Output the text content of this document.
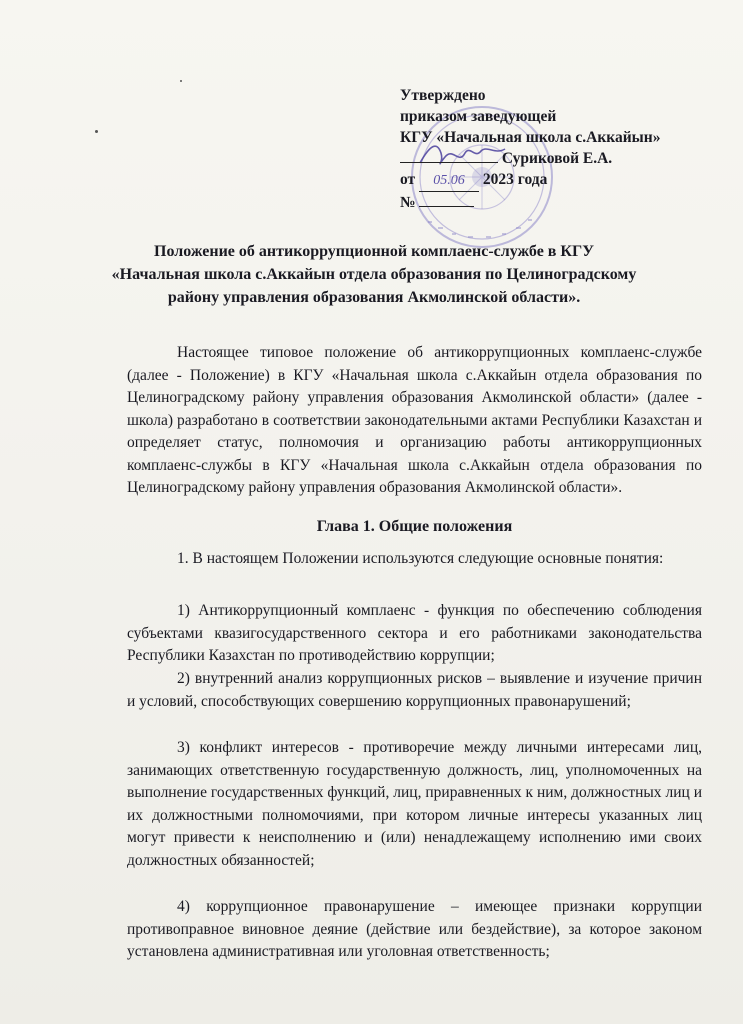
Утверждено
приказом заведующей
КГУ «Начальная школа с.Аккайын»
Суриковой Е.А.
от 05.06 2023 года
№
Положение об антикоррупционной комплаенс-службе в КГУ
«Начальная школа с.Аккайын отдела образования по Целиноградскому
району управления образования Акмолинской области».
Настоящее типовое положение об антикоррупционных комплаенс-службе (далее - Положение) в КГУ «Начальная школа с.Аккайын отдела образования по Целиноградскому району управления образования Акмолинской области» (далее - школа) разработано в соответствии законодательными актами Республики Казахстан и определяет статус, полномочия и организацию работы антикоррупционных комплаенс-службы в КГУ «Начальная школа с.Аккайын отдела образования по Целиноградскому району управления образования Акмолинской области».
Глава 1. Общие положения
1. В настоящем Положении используются следующие основные понятия:
1) Антикоррупционный комплаенс - функция по обеспечению соблюдения субъектами квазигосударственного сектора и его работниками законодательства Республики Казахстан по противодействию коррупции;
2) внутренний анализ коррупционных рисков – выявление и изучение причин и условий, способствующих совершению коррупционных правонарушений;
3) конфликт интересов - противоречие между личными интересами лиц, занимающих ответственную государственную должность, лиц, уполномоченных на выполнение государственных функций, лиц, приравненных к ним, должностных лиц и их должностными полномочиями, при котором личные интересы указанных лиц могут привести к неисполнению и (или) ненадлежащему исполнению ими своих должностных обязанностей;
4) коррупционное правонарушение – имеющее признаки коррупции противоправное виновное деяние (действие или бездействие), за которое законом установлена административная или уголовная ответственность;
